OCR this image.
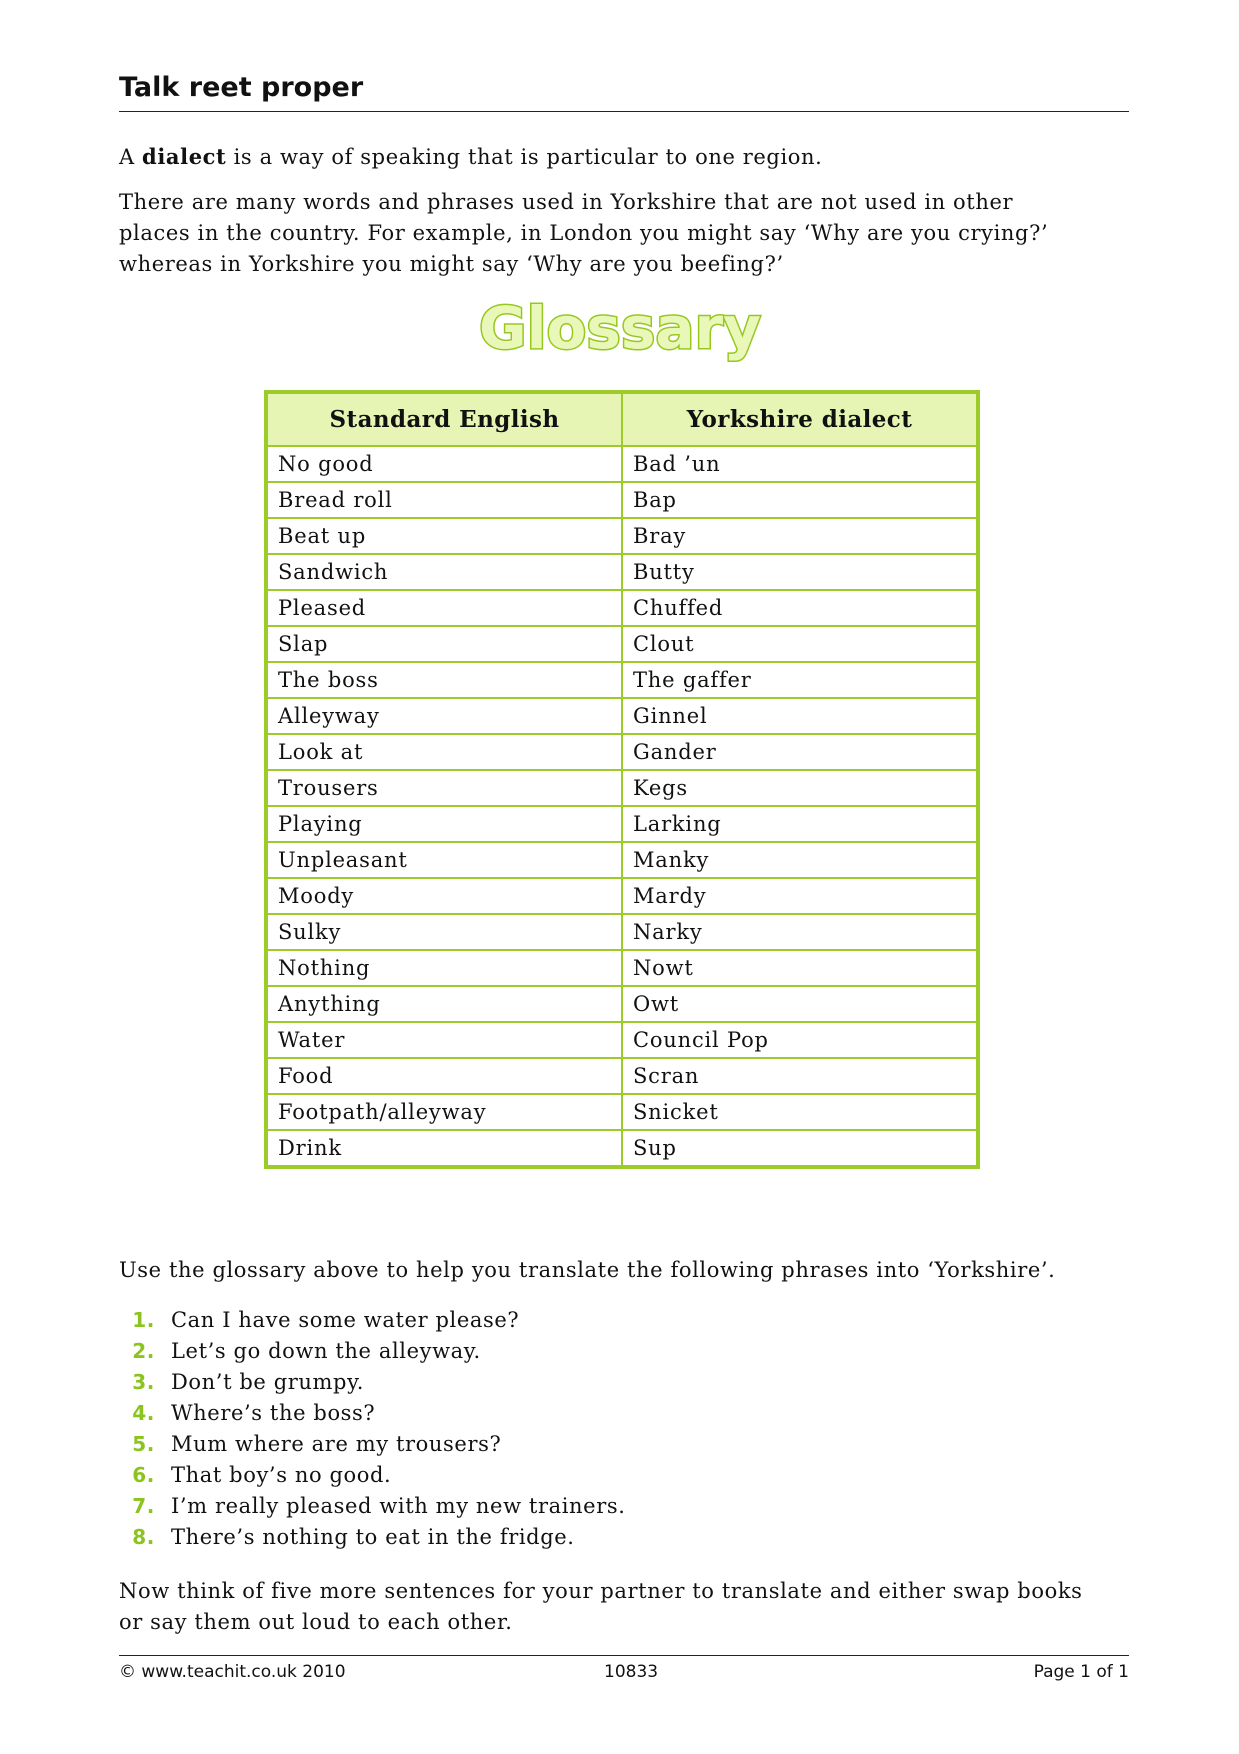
Talk reet proper
A dialect is a way of speaking that is particular to one region.
There are many words and phrases used in Yorkshire that are not used in other places in the country. For example, in London you might say ‘Why are you crying?’ whereas in Yorkshire you might say ‘Why are you beefing?’
Glossary
Standard English	Yorkshire dialect
No good	Bad ’un
Bread roll	Bap
Beat up	Bray
Sandwich	Butty
Pleased	Chuffed
Slap	Clout
The boss	The gaffer
Alleyway	Ginnel
Look at	Gander
Trousers	Kegs
Playing	Larking
Unpleasant	Manky
Moody	Mardy
Sulky	Narky
Nothing	Nowt
Anything	Owt
Water	Council Pop
Food	Scran
Footpath/alleyway	Snicket
Drink	Sup
Use the glossary above to help you translate the following phrases into ‘Yorkshire’.
1. Can I have some water please?
2. Let’s go down the alleyway.
3. Don’t be grumpy.
4. Where’s the boss?
5. Mum where are my trousers?
6. That boy’s no good.
7. I’m really pleased with my new trainers.
8. There’s nothing to eat in the fridge.
Now think of five more sentences for your partner to translate and either swap books or say them out loud to each other.
© www.teachit.co.uk 2010	10833	Page 1 of 1
